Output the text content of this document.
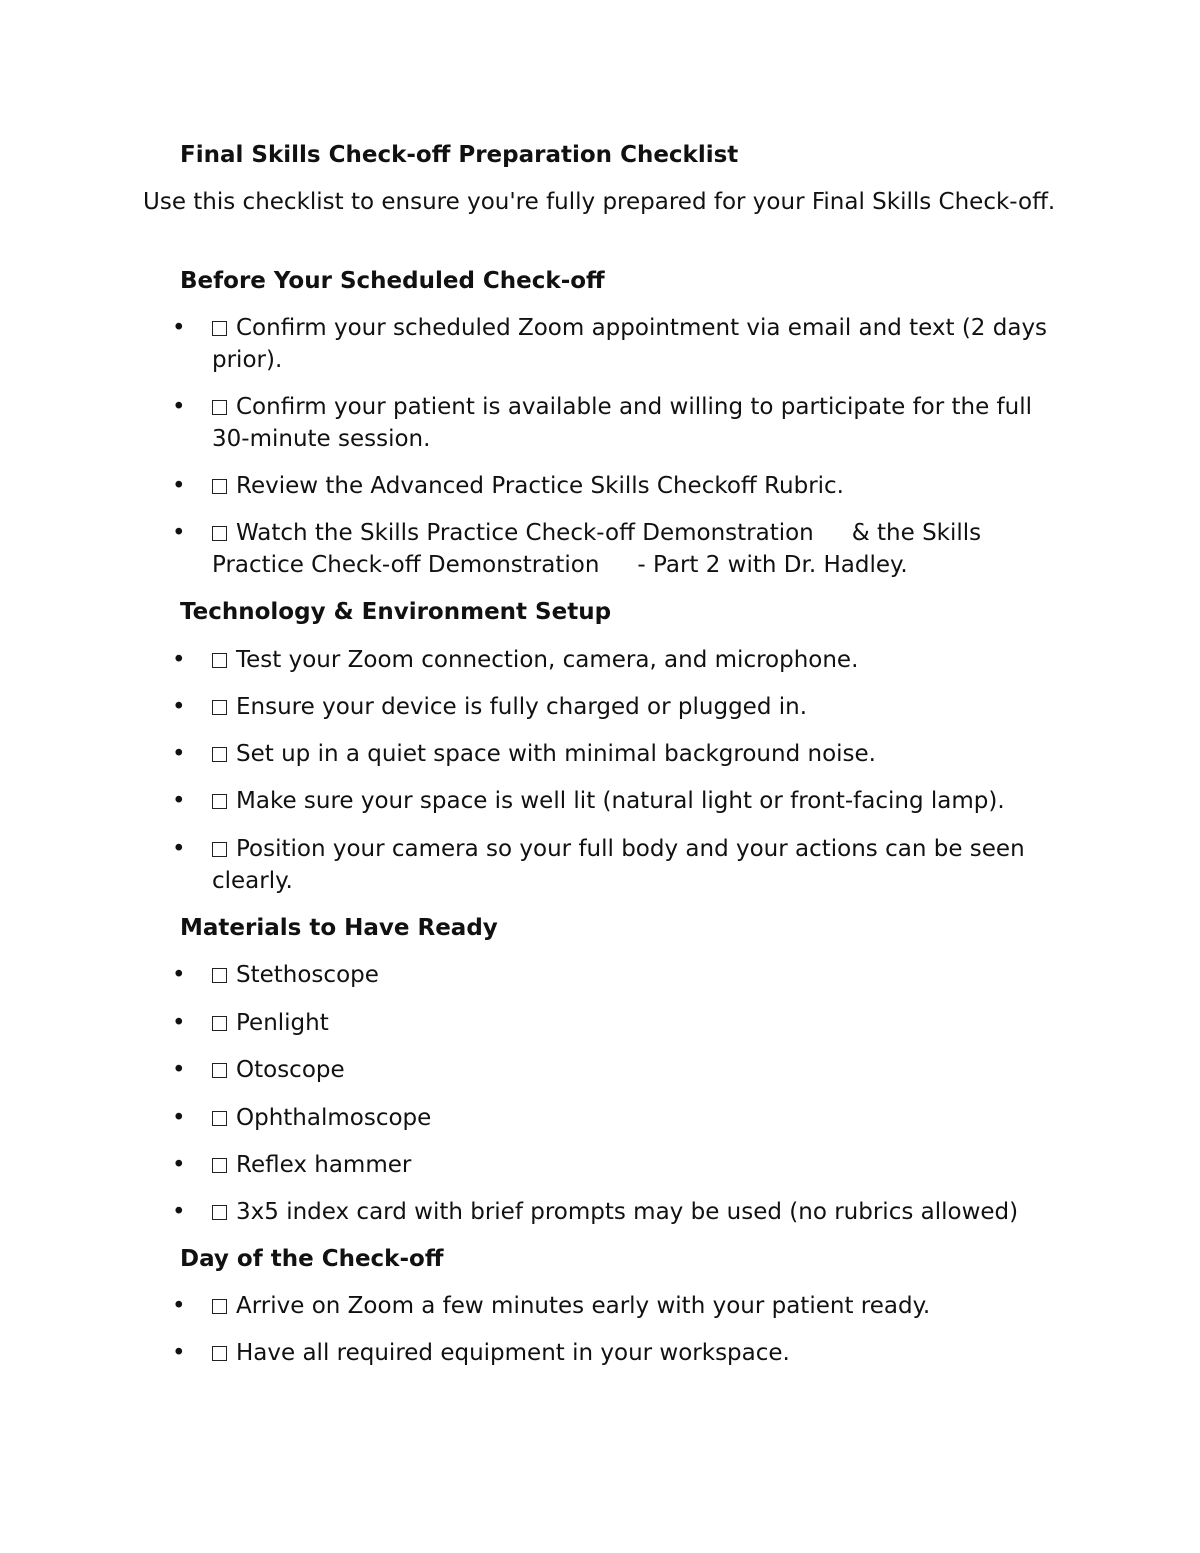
Final Skills Check-off Preparation Checklist

Use this checklist to ensure you're fully prepared for your Final Skills Check-off.

Before Your Scheduled Check-off
•	Confirm your scheduled Zoom appointment via email and text (2 days prior).
•	Confirm your patient is available and willing to participate for the full 30-minute session.
•	Review the Advanced Practice Skills Checkoff Rubric.
•	Watch the Skills Practice Check-off Demonstration & the Skills Practice Check-off Demonstration - Part 2 with Dr. Hadley.
Technology & Environment Setup
•	Test your Zoom connection, camera, and microphone.
•	Ensure your device is fully charged or plugged in.
•	Set up in a quiet space with minimal background noise.
•	Make sure your space is well lit (natural light or front-facing lamp).
•	Position your camera so your full body and your actions can be seen clearly.
Materials to Have Ready
•	Stethoscope
•	Penlight
•	Otoscope
•	Ophthalmoscope
•	Reflex hammer
•	3x5 index card with brief prompts may be used (no rubrics allowed)
Day of the Check-off
•	Arrive on Zoom a few minutes early with your patient ready.
•	Have all required equipment in your workspace.
